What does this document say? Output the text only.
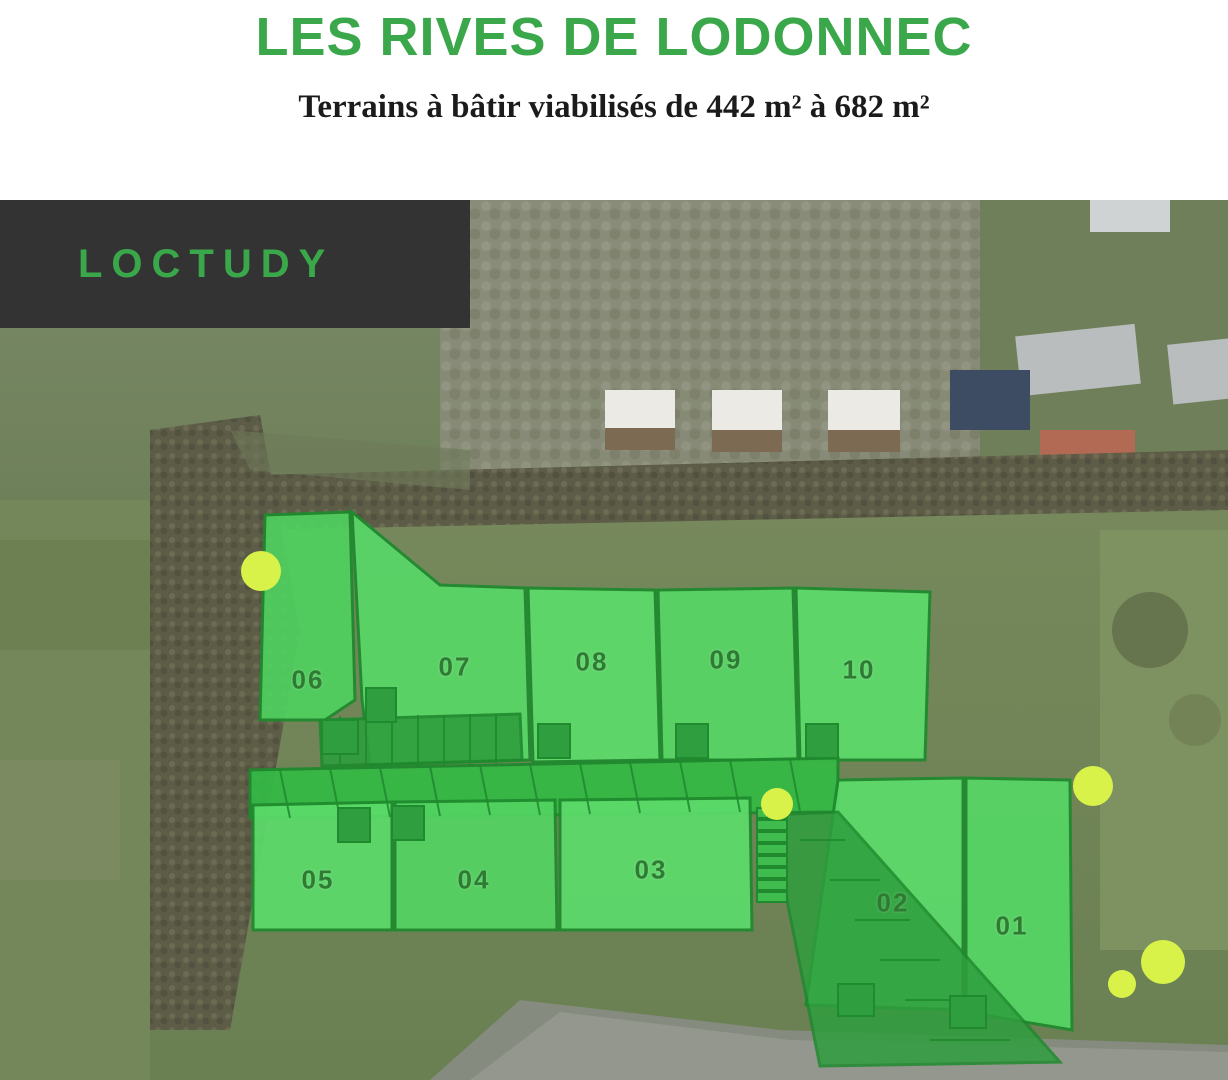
LES RIVES DE LODONNEC

Terrains à bâtir viabilisés de 442 m² à 682 m²

06	07	08	09	10
05	04	03
02
01
LOCTUDY
